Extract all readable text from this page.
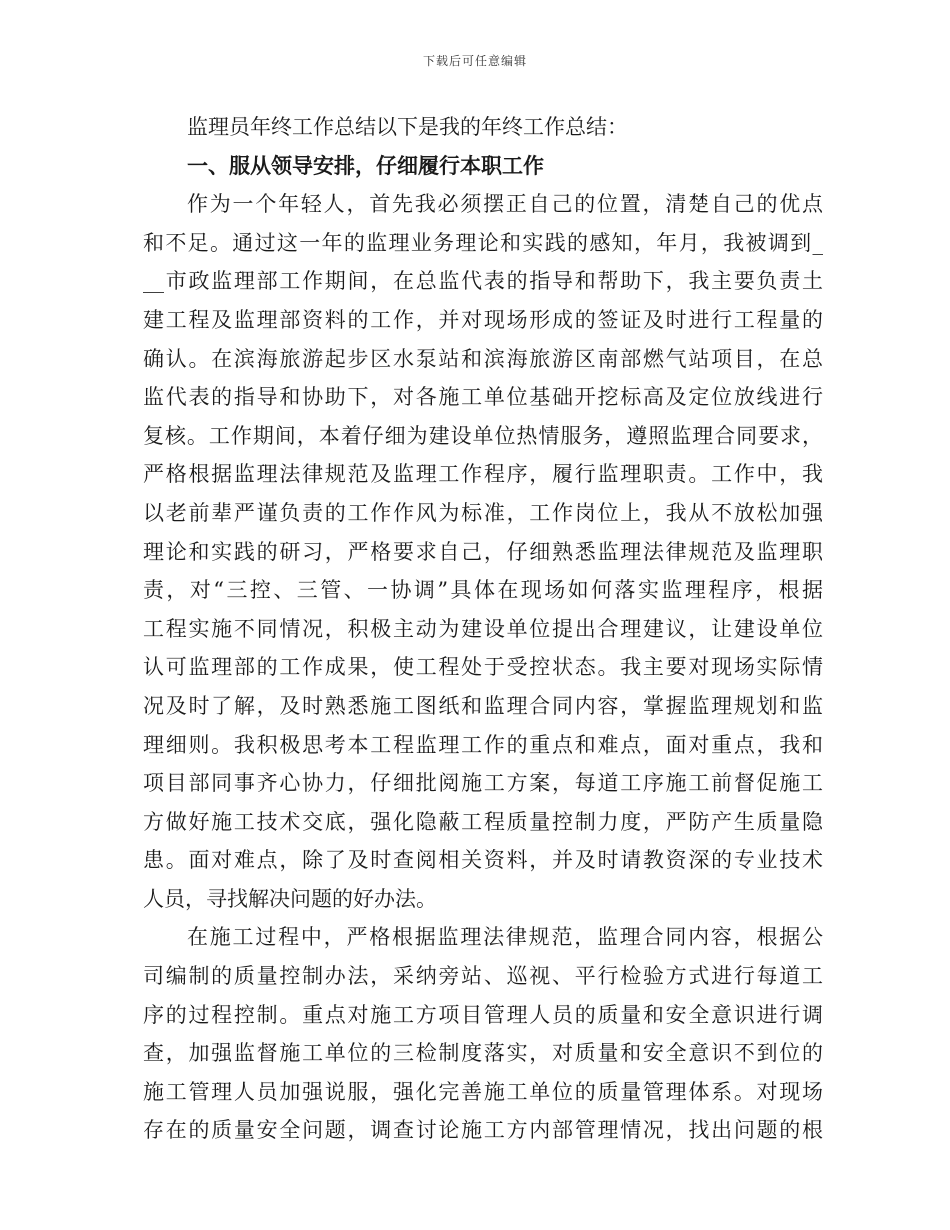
下载后可任意编辑
监理员年终工作总结以下是我的年终工作总结：
一、服从领导安排，仔细履行本职工作
作为一个年轻人，首先我必须摆正自己的位置，清楚自己的优点
和不足。通过这一年的监理业务理论和实践的感知，年月，我被调到_
__市政监理部工作期间，在总监代表的指导和帮助下，我主要负责土
建工程及监理部资料的工作，并对现场形成的签证及时进行工程量的
确认。在滨海旅游起步区水泵站和滨海旅游区南部燃气站项目，在总
监代表的指导和协助下，对各施工单位基础开挖标高及定位放线进行
复核。工作期间，本着仔细为建设单位热情服务，遵照监理合同要求，
严格根据监理法律规范及监理工作程序，履行监理职责。工作中，我
以老前辈严谨负责的工作作风为标准，工作岗位上，我从不放松加强
理论和实践的研习，严格要求自己，仔细熟悉监理法律规范及监理职
责，对“三控、三管、一协调”具体在现场如何落实监理程序，根据
工程实施不同情况，积极主动为建设单位提出合理建议，让建设单位
认可监理部的工作成果，使工程处于受控状态。我主要对现场实际情
况及时了解，及时熟悉施工图纸和监理合同内容，掌握监理规划和监
理细则。我积极思考本工程监理工作的重点和难点，面对重点，我和
项目部同事齐心协力，仔细批阅施工方案，每道工序施工前督促施工
方做好施工技术交底，强化隐蔽工程质量控制力度，严防产生质量隐
患。面对难点，除了及时查阅相关资料，并及时请教资深的专业技术
人员，寻找解决问题的好办法。
在施工过程中，严格根据监理法律规范，监理合同内容，根据公
司编制的质量控制办法，采纳旁站、巡视、平行检验方式进行每道工
序的过程控制。重点对施工方项目管理人员的质量和安全意识进行调
查，加强监督施工单位的三检制度落实，对质量和安全意识不到位的
施工管理人员加强说服，强化完善施工单位的质量管理体系。对现场
存在的质量安全问题，调查讨论施工方内部管理情况，找出问题的根
